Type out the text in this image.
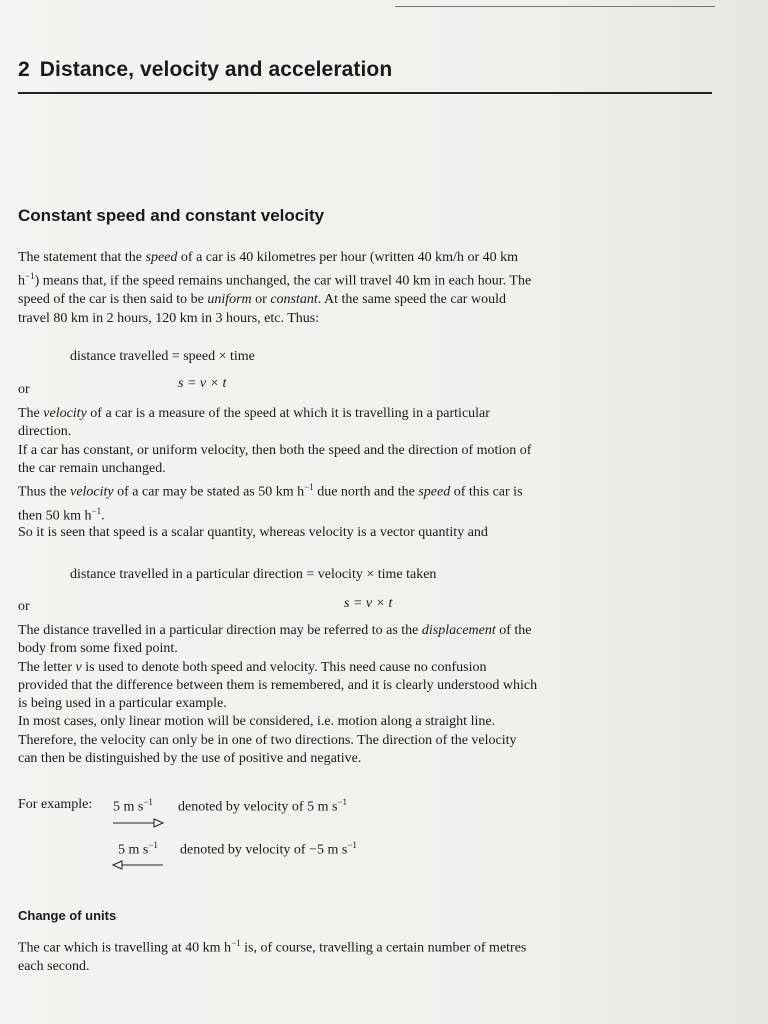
2 Distance, velocity and acceleration
Constant speed and constant velocity

The statement that the speed of a car is 40 kilometres per hour (written 40 km/h or 40 km $h^{-1}$) means that, if the speed remains unchanged, the car will travel 40 km in each hour. The speed of the car is then said to be uniform or constant. At the same speed the car would travel 80 km in 2 hours, 120 km in 3 hours, etc. Thus:

distance travelled = speed × time
or	s = v × t

The velocity of a car is a measure of the speed at which it is travelling in a particular direction.

If a car has constant, or uniform velocity, then both the speed and the direction of motion of the car remain unchanged.

Thus the velocity of a car may be stated as 50 km $h^{-1}$ due north and the speed of this car is then 50 km $h^{-1}$.

So it is seen that speed is a scalar quantity, whereas velocity is a vector quantity and

distance travelled in a particular direction = velocity × time taken
or	s = v × t

The distance travelled in a particular direction may be referred to as the displacement of the body from some fixed point.

The letter v is used to denote both speed and velocity. This need cause no confusion provided that the difference between them is remembered, and it is clearly understood which is being used in a particular example.

In most cases, only linear motion will be considered, i.e. motion along a straight line.

Therefore, the velocity can only be in one of two directions. The direction of the velocity can then be distinguished by the use of positive and negative.

For example: 5 m $s^{-1}$ denoted by velocity of 5 m $s^{-1}$
5 m $s^{-1}$ denoted by velocity of −5 m $s^{-1}$
Change of units

The car which is travelling at 40 km $h^{-1}$ is, of course, travelling a certain number of metres each second.
